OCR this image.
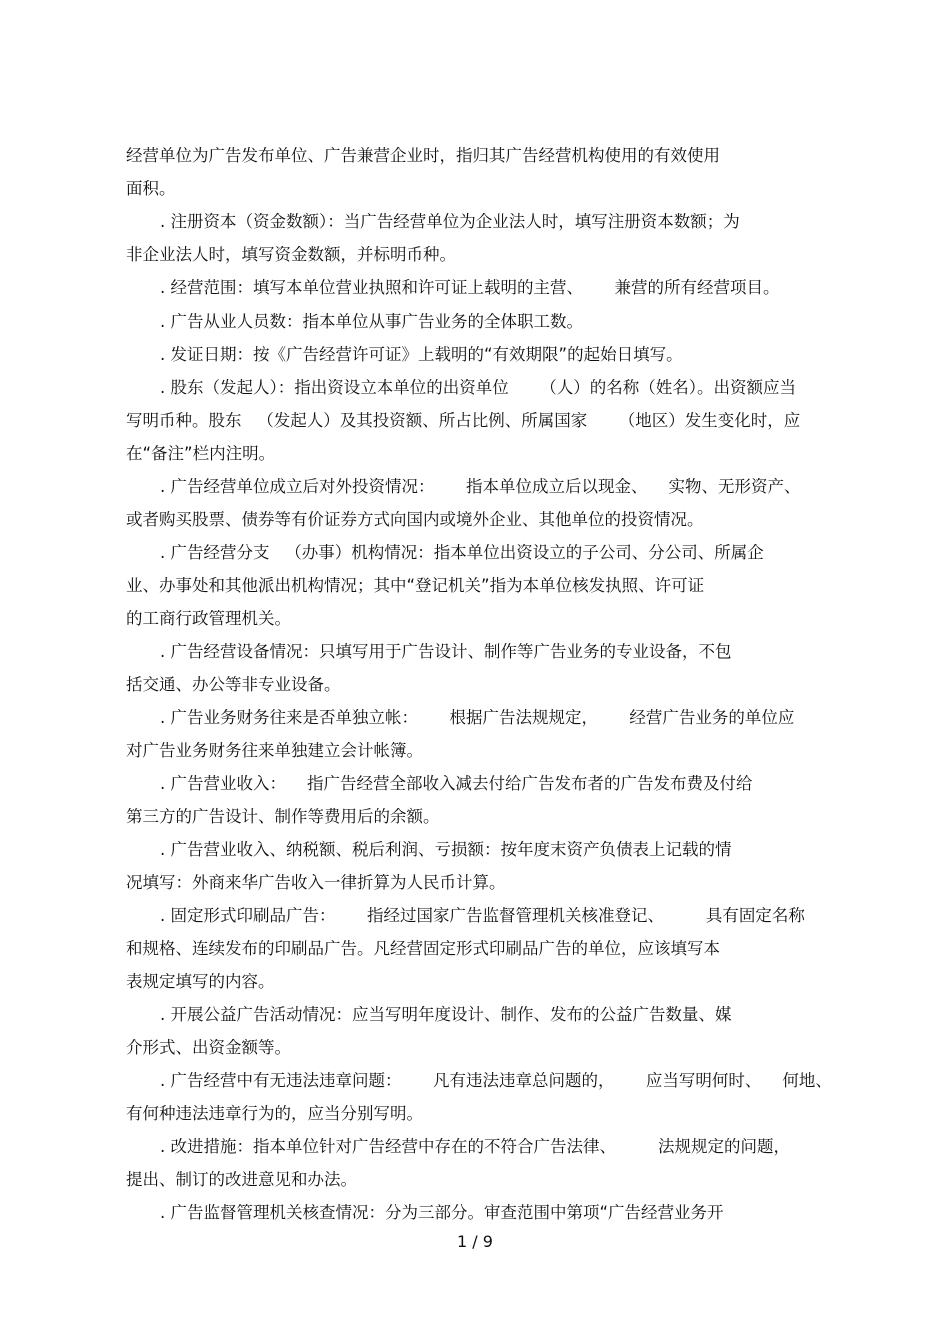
经营单位为广告发布单位、广告兼营企业时，指归其广告经营机构使用的有效使用
面积。
. 注册资本（资金数额）：当广告经营单位为企业法人时，填写注册资本数额；为
非企业法人时，填写资金数额，并标明币种。
. 经营范围：填写本单位营业执照和许可证上载明的主营、      兼营的所有经营项目。
. 广告从业人员数：指本单位从事广告业务的全体职工数。
. 发证日期：按《广告经营许可证》上载明的“有效期限”的起始日填写。
. 股东（发起人）：指出资设立本单位的出资单位      （人）的名称（姓名）。出资额应当
写明币种。股东   （发起人）及其投资额、所占比例、所属国家      （地区）发生变化时，应
在“备注”栏内注明。
. 广告经营单位成立后对外投资情况：      指本单位成立后以现金、    实物、无形资产、
或者购买股票、债券等有价证券方式向国内或境外企业、其他单位的投资情况。
. 广告经营分支   （办事）机构情况：指本单位出资设立的子公司、分公司、所属企
业、办事处和其他派出机构情况；其中“登记机关”指为本单位核发执照、许可证
的工商行政管理机关。
. 广告经营设备情况：只填写用于广告设计、制作等广告业务的专业设备，不包
括交通、办公等非专业设备。
. 广告业务财务往来是否单独立帐：      根据广告法规规定，      经营广告业务的单位应
对广告业务财务往来单独建立会计帐簿。
. 广告营业收入：    指广告经营全部收入减去付给广告发布者的广告发布费及付给
第三方的广告设计、制作等费用后的余额。
. 广告营业收入、纳税额、税后利润、亏损额：按年度末资产负债表上记载的情
况填写：外商来华广告收入一律折算为人民币计算。
. 固定形式印刷品广告：      指经过国家广告监督管理机关核准登记、        具有固定名称
和规格、连续发布的印刷品广告。凡经营固定形式印刷品广告的单位，应该填写本
表规定填写的内容。
. 开展公益广告活动情况：应当写明年度设计、制作、发布的公益广告数量、媒
介形式、出资金额等。
. 广告经营中有无违法违章问题：      凡有违法违章总问题的，      应当写明何时、    何地、
有何种违法违章行为的，应当分别写明。
. 改进措施：指本单位针对广告经营中存在的不符合广告法律、        法规规定的问题，
提出、制订的改进意见和办法。
. 广告监督管理机关核查情况：分为三部分。审查范围中第项“广告经营业务开
1 / 9
